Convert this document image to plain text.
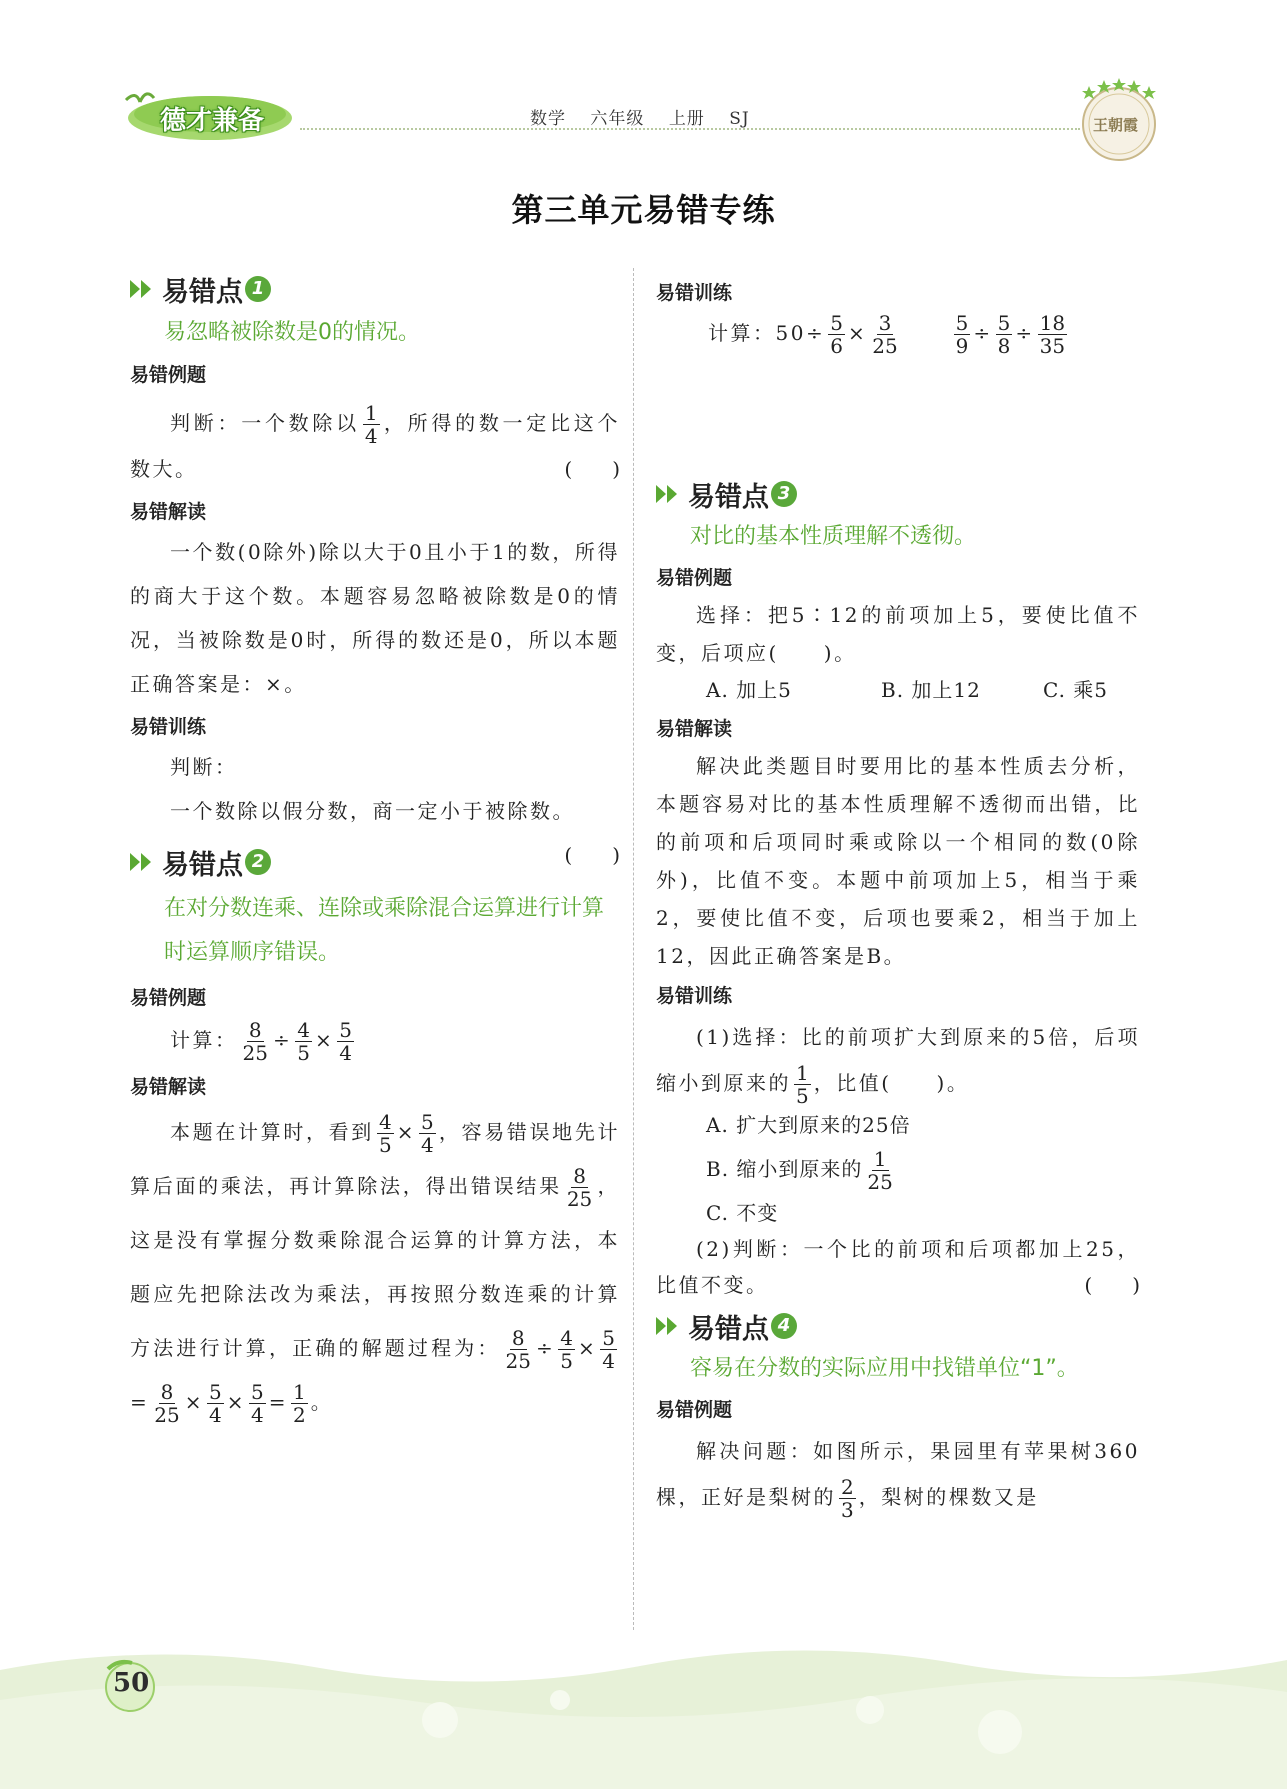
德才兼备	数学 六年级 上册 SJ	王朝霞
第三单元易错专练
易错点 1
易忽略被除数是0的情况。
易错例题
判断：一个数除以 $\frac{1}{4}$ ，所得的数一定比这个数大。	(　　)
易错解读
一个数(0除外)除以大于0且小于1的数，所得的商大于这个数。本题容易忽略被除数是0的情况，当被除数是0时，所得的数还是0，所以本题正确答案是：×。
易错训练
判断：
一个数除以假分数，商一定小于被除数。
(　　)
易错点 2
在对分数连乘、连除或乘除混合运算进行计算时运算顺序错误。
易错例题
计算： $\frac{8}{25} \div \frac{4}{5} \times \frac{5}{4}$
易错解读
本题在计算时，看到 $\frac{4}{5} \times \frac{5}{4}$ ，容易错误地先计算后面的乘法，再计算除法，得出错误结果 $\frac{8}{25}$ ，这是没有掌握分数乘除混合运算的计算方法，本题应先把除法改为乘法，再按照分数连乘的计算方法进行计算，正确的解题过程为： $\frac{8}{25} \div \frac{4}{5} \times \frac{5}{4}$
= $\frac{8}{25} \times \frac{5}{4} \times \frac{5}{4} = \frac{1}{2}$ 。
易错训练
计算：$50\div \frac{5}{6} \times \frac{3}{25}$	$\frac{5}{9} \div \frac{5}{8} \div \frac{18}{35}$
易错点 3
对比的基本性质理解不透彻。
易错例题
选择：把5∶12的前项加上5，要使比值不变，后项应(　　)。
A. 加上5	B. 加上12	C. 乘5
易错解读
解决此类题目时要用比的基本性质去分析，本题容易对比的基本性质理解不透彻而出错，比的前项和后项同时乘或除以一个相同的数(0除外)，比值不变。本题中前项加上5，相当于乘2，要使比值不变，后项也要乘2，相当于加上12，因此正确答案是B。
易错训练
(1)选择：比的前项扩大到原来的5倍，后项缩小到原来的 $\frac{1}{5}$ ，比值(　　)。
A. 扩大到原来的25倍
B. 缩小到原来的 $\frac{1}{25}$
C. 不变
(2)判断：一个比的前项和后项都加上25，比值不变。	(　　)
易错点 4
容易在分数的实际应用中找错单位“1”。
易错例题
解决问题：如图所示，果园里有苹果树360棵，正好是梨树的 $\frac{2}{3}$ ，梨树的棵数又是
50
